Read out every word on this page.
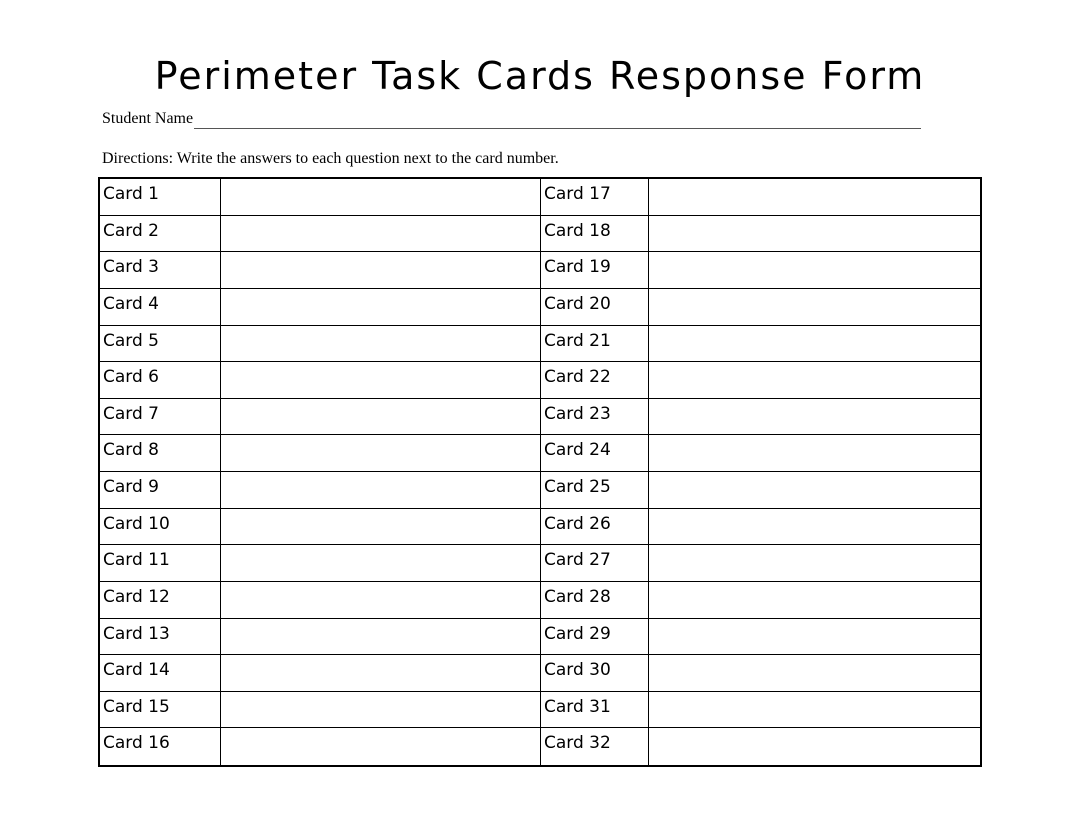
Perimeter Task Cards Response Form
Student Name
Directions: Write the answers to each question next to the card number.
Card 1	Card 17
Card 2	Card 18
Card 3	Card 19
Card 4	Card 20
Card 5	Card 21
Card 6	Card 22
Card 7	Card 23
Card 8	Card 24
Card 9	Card 25
Card 10	Card 26
Card 11	Card 27
Card 12	Card 28
Card 13	Card 29
Card 14	Card 30
Card 15	Card 31
Card 16	Card 32
